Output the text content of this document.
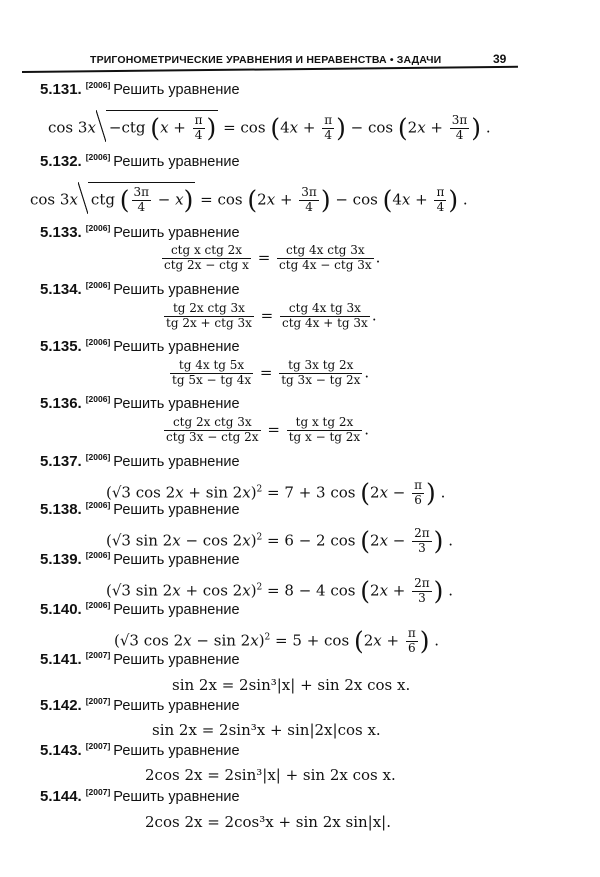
ТРИГОНОМЕТРИЧЕСКИЕ УРАВНЕНИЯ И НЕРАВЕНСТВА • ЗАДАЧИ	39
5.131. [2006] Решить уравнение
cos 3x −ctg ($x + \frac{\pi}{4}$ ) = $\cos (4x + \frac{\pi}{4}$ ) − $\cos (2x + \frac{3\pi}{4}$ ) .
5.132. [2006] Решить уравнение
cos 3x ctg ( $\frac{3\pi}{4} - x) = \cos (2x + \frac{3\pi}{4}$ ) − $\cos (4x + \frac{\pi}{4}$ ) .
5.133. [2006] Решить уравнение
$\frac{\text{ctg x ctg 2x}}{\text{ctg 2x − ctg x}} = \frac{\text{ctg 4x ctg 3x}}{\text{ctg 4x − ctg 3x}}$ .
5.134. [2006] Решить уравнение
$\frac{\text{tg 2x ctg 3x}}{\text{tg 2x + ctg 3x}} = \frac{\text{ctg 4x tg 3x}}{\text{ctg 4x + tg 3x}}$ .
5.135. [2006] Решить уравнение
$\frac{\text{tg 4x tg 5x}}{tg 5x - tg 4x} = \frac{\text{tg 3x tg 2x}}{tg 3x - tg 2x}$ .
5.136. [2006] Решить уравнение
$\frac{\text{ctg 2x ctg 3x}}{\text{ctg 3x − ctg 2x}} = \frac{\text{tg x tg 2x}}{\text{tg x − tg 2x}}$ .
5.137. [2006] Решить уравнение
(√3 cos 2x + sin 2x)$^2$ = 7 + 3 $\cos (2x - \frac{\pi}{6}$ ) .
5.138. [2006] Решить уравнение
(√3 sin 2x − cos 2x)$^2$ = 6 − 2 $\cos (2x - \frac{2\pi}{3}$ ) .
5.139. [2006] Решить уравнение
(√3 sin 2x + cos 2x)$^2$ = 8 − 4 $\cos (2x + \frac{2\pi}{3}$ ) .
5.140. [2006] Решить уравнение
(√3 $\cos 2x - \sin 2x)^2 = 5 + \cos (2x + \frac{\pi}{6}$ ) .
5.141. [2007] Решить уравнение
sin 2x = 2sin³|x| + sin 2x cos x.
5.142. [2007] Решить уравнение
sin 2x = 2sin³x + sin|2x|cos x.
5.143. [2007] Решить уравнение
2cos 2x = 2sin³|x| + sin 2x cos x.
5.144. [2007] Решить уравнение
2cos 2x = 2cos³x + sin 2x sin|x|.
